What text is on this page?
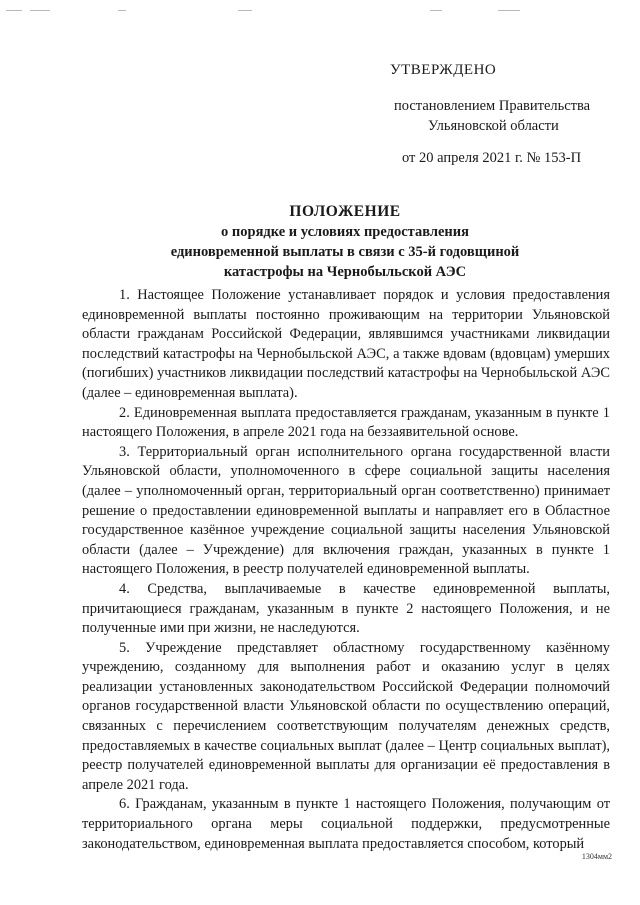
УТВЕРЖДЕНО
постановлением Правительства
Ульяновской области
от 20 апреля 2021 г. № 153-П
ПОЛОЖЕНИЕ
о порядке и условиях предоставления
единовременной выплаты в связи с 35-й годовщиной
катастрофы на Чернобыльской АЭС

1. Настоящее Положение устанавливает порядок и условия предоставления единовременной выплаты постоянно проживающим на территории Ульяновской области гражданам Российской Федерации, являвшимся участниками ликвидации последствий катастрофы на Чернобыльской АЭС, а также вдовам (вдовцам) умерших (погибших) участников ликвидации последствий катастрофы на Чернобыльской АЭС (далее – единовременная выплата).

2. Единовременная выплата предоставляется гражданам, указанным в пункте 1 настоящего Положения, в апреле 2021 года на беззаявительной основе.

3. Территориальный орган исполнительного органа государственной власти Ульяновской области, уполномоченного в сфере социальной защиты населения (далее – уполномоченный орган, территориальный орган соответственно) принимает решение о предоставлении единовременной выплаты и направляет его в Областное государственное казённое учреждение социальной защиты населения Ульяновской области (далее – Учреждение) для включения граждан, указанных в пункте 1 настоящего Положения, в реестр получателей единовременной выплаты.

4. Средства, выплачиваемые в качестве единовременной выплаты, причитающиеся гражданам, указанным в пункте 2 настоящего Положения, и не полученные ими при жизни, не наследуются.

5. Учреждение представляет областному государственному казённому учреждению, созданному для выполнения работ и оказанию услуг в целях реализации установленных законодательством Российской Федерации полномочий органов государственной власти Ульяновской области по осуществлению операций, связанных с перечислением соответствующим получателям денежных средств, предоставляемых в качестве социальных выплат (далее – Центр социальных выплат), реестр получателей единовременной выплаты для организации её предоставления в апреле 2021 года.

6. Гражданам, указанным в пункте 1 настоящего Положения, получающим от территориального органа меры социальной поддержки, предусмотренные законодательством, единовременная выплата предоставляется способом, который

1304мм2
